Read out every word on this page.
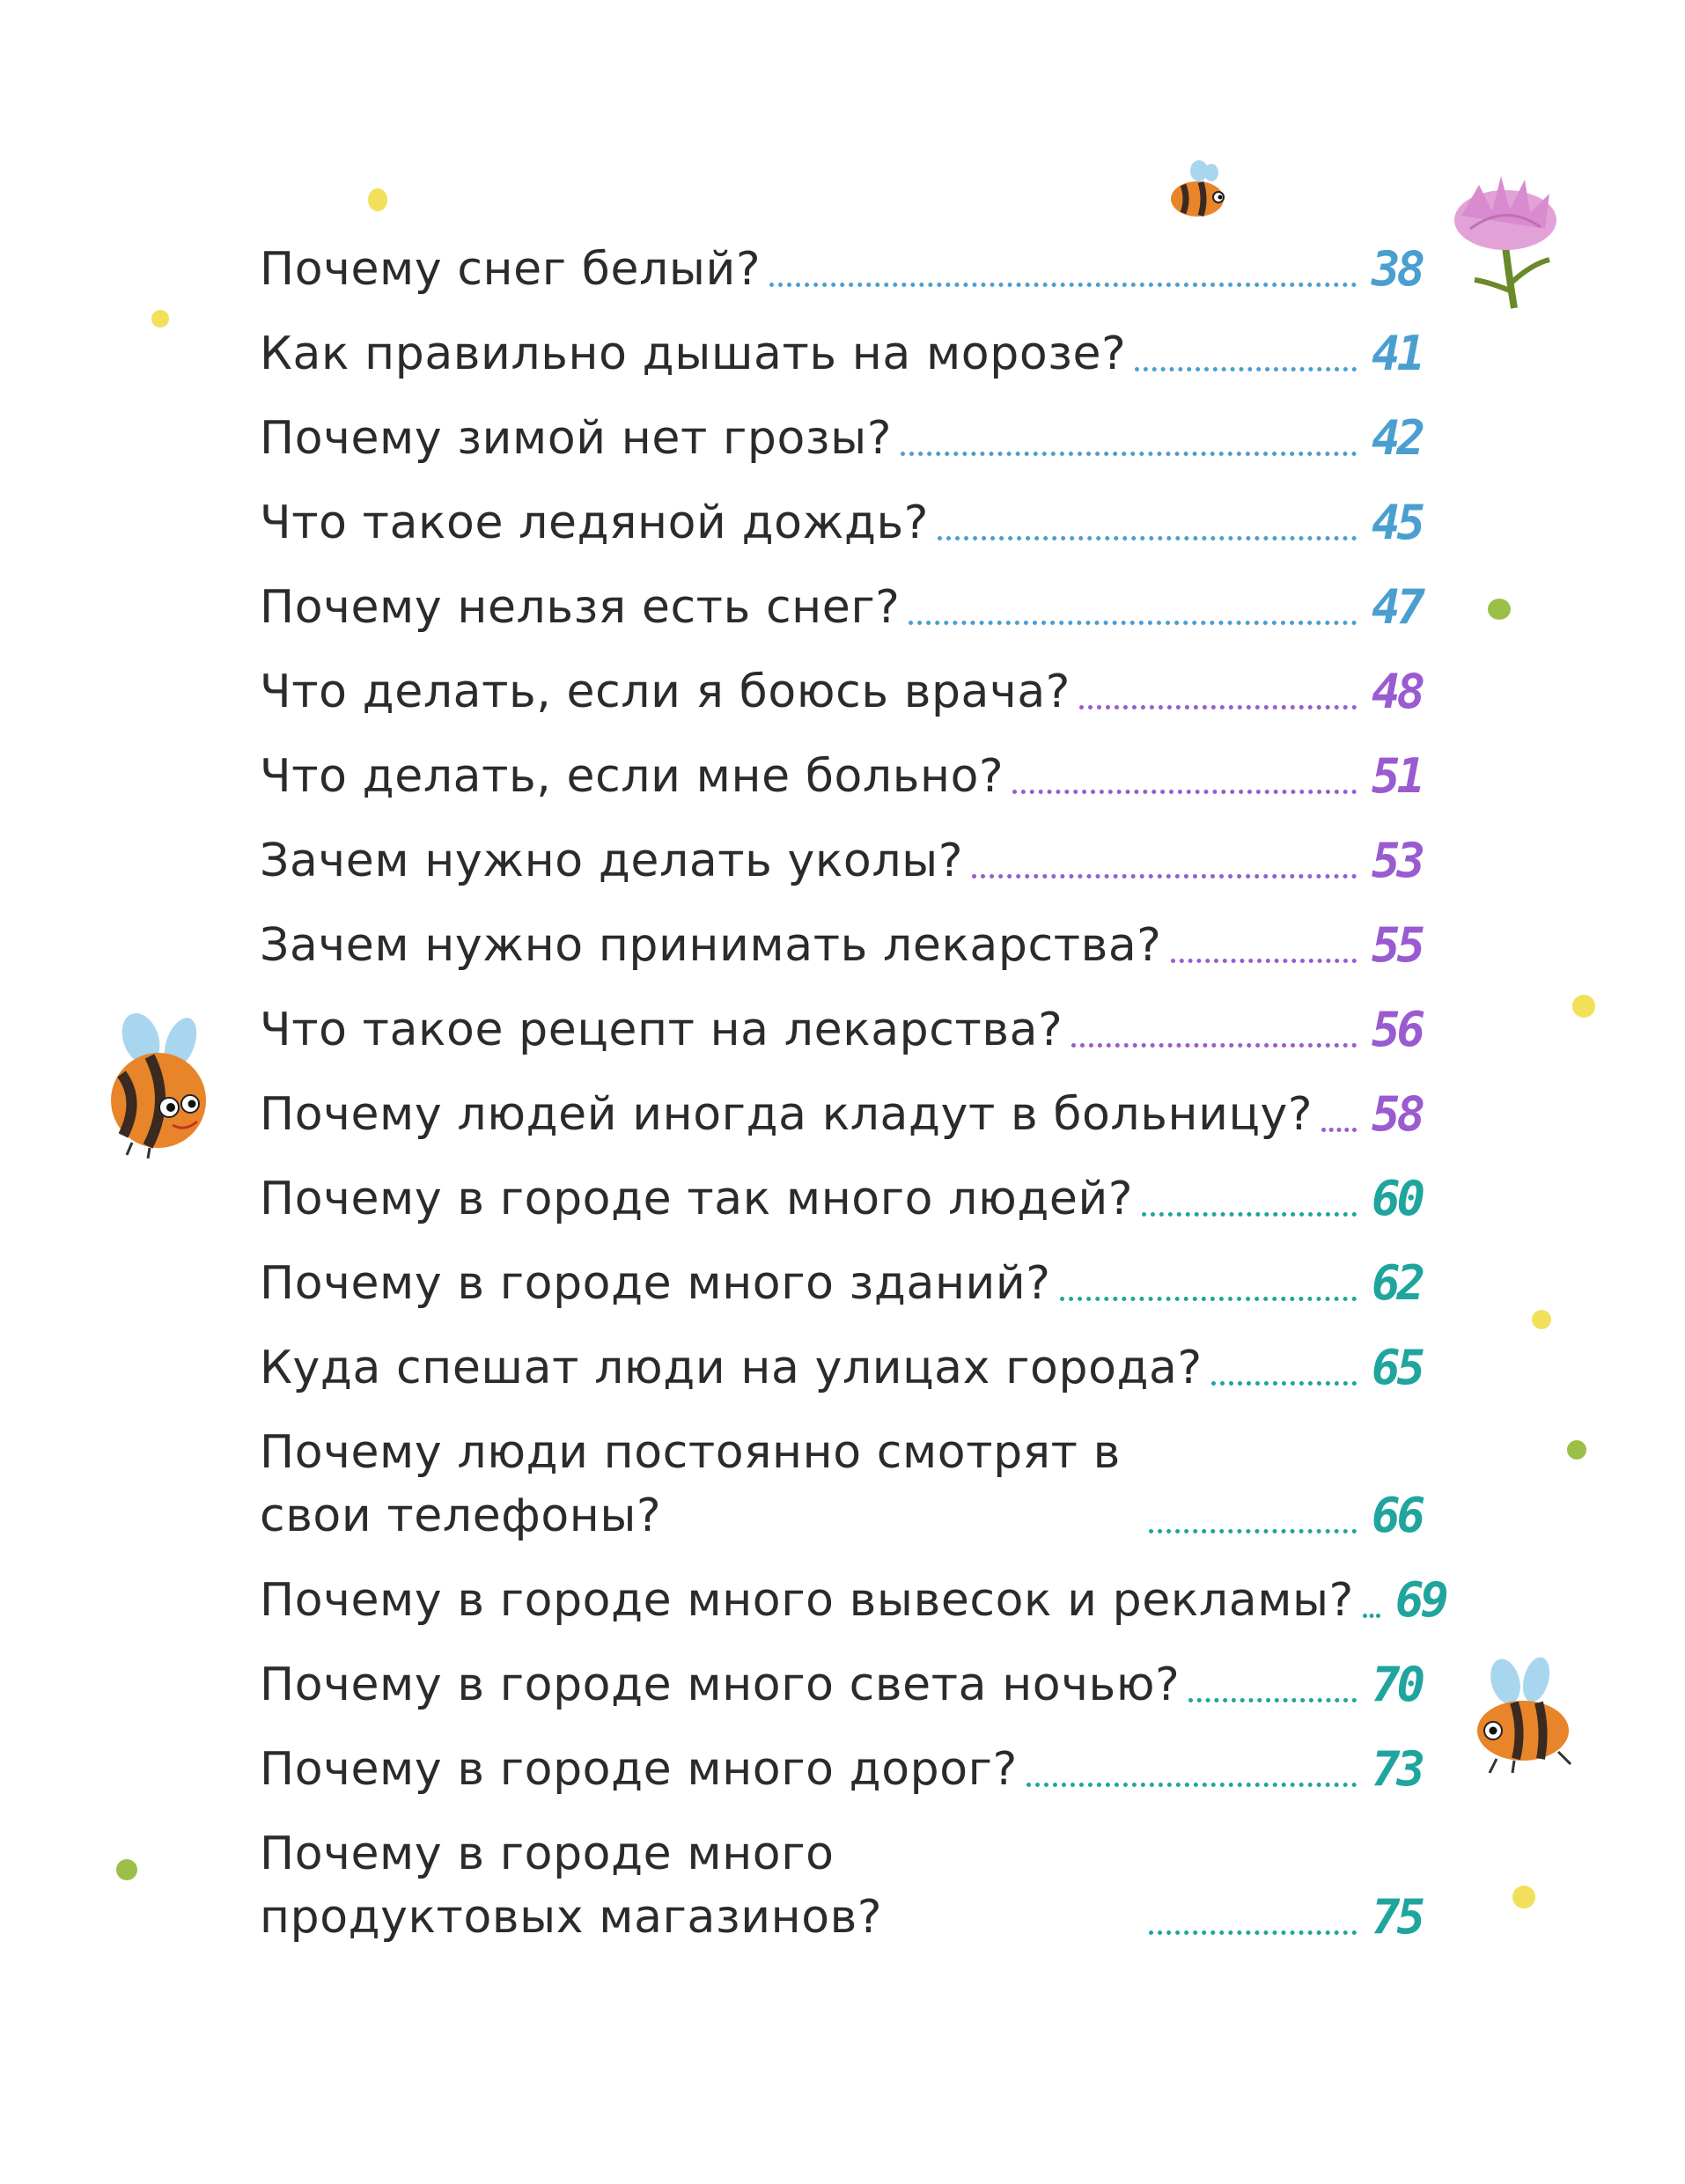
Почему снег белый?	38
Как правильно дышать на морозе?	41
Почему зимой нет грозы?	42
Что такое ледяной дождь?	45
Почему нельзя есть снег?	47
Что делать, если я боюсь врача?	48
Что делать, если мне больно?	51
Зачем нужно делать уколы?	53
Зачем нужно принимать лекарства?	55
Что такое рецепт на лекарства?	56
Почему людей иногда кладут в больницу? 58
Почему в городе так много людей?	60
Почему в городе много зданий?	62
Куда спешат люди на улицах города?	65
Почему люди постоянно смотрят в свои телефоны?	66
Почему в городе много вывесок и рекламы? 69
Почему в городе много света ночью?	70
Почему в городе много дорог?	73
Почему в городе много продуктовых магазинов?	75
